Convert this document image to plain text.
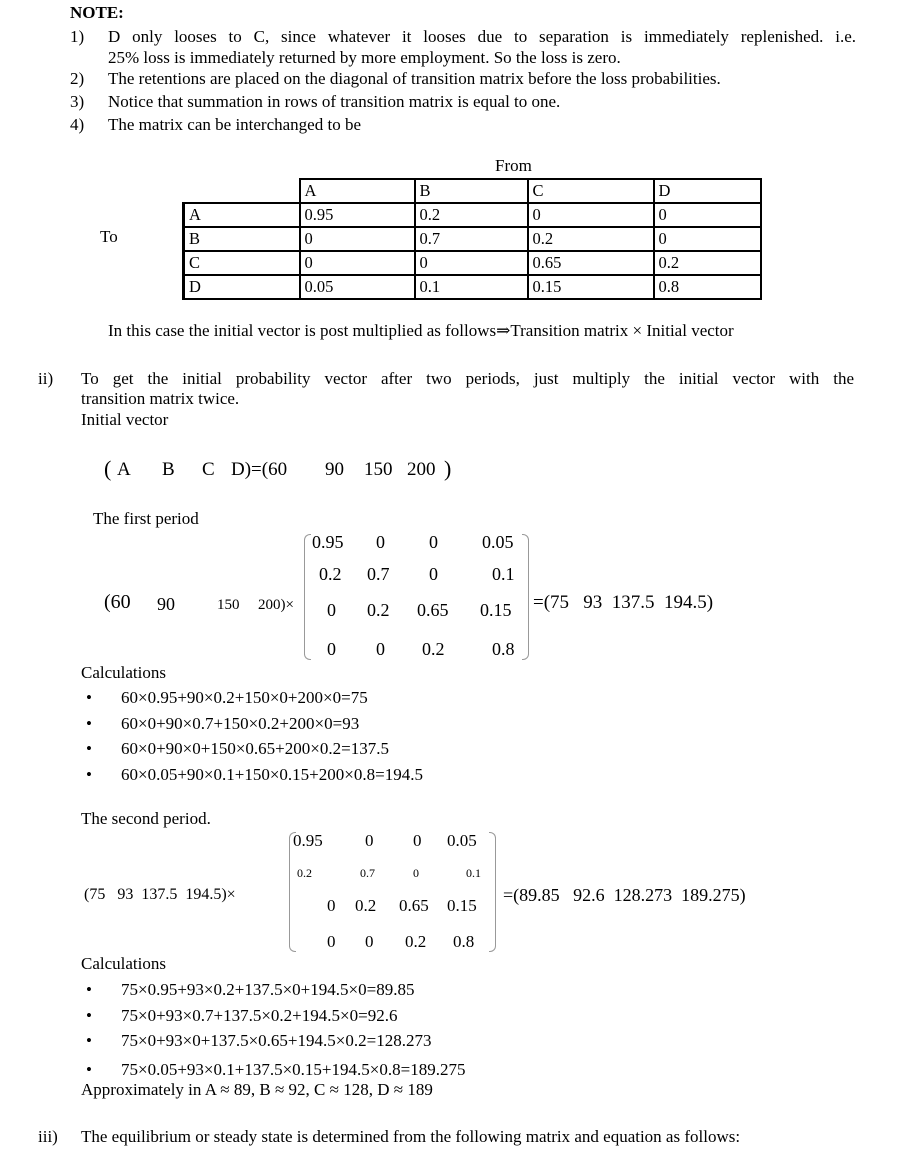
NOTE:
1) D only looses to C, since whatever it looses due to separation is immediately replenished. i.e.
25% loss is immediately returned by more employment. So the loss is zero.
2) The retentions are placed on the diagonal of transition matrix before the loss probabilities.
3) Notice that summation in rows of transition matrix is equal to one.
4) The matrix can be interchanged to be
From
To
	A	B	C	D
A	0.95	0.2	0	0
B	0	0.7	0.2	0
C	0	0	0.65	0.2
D	0.05	0.1	0.15	0.8
In this case the initial vector is post multiplied as follows⇒Transition matrix × Initial vector
ii) To get the initial probability vector after two periods, just multiply the initial vector with the
transition matrix twice.
Initial vector
( A B C D)=(60 90 150 200 )
The first period
(60 90	150 200)×
0.95 0 0 0.05
0.2 0.7 0	0.1
0 0.2 0.65 0.15
0 0 0.2	0.8
=(75   93  137.5  194.5)
Calculations
• 60×0.95+90×0.2+150×0+200×0=75
• 60×0+90×0.7+150×0.2+200×0=93
• 60×0+90×0+150×0.65+200×0.2=137.5
• 60×0.05+90×0.1+150×0.15+200×0.8=194.5
The second period.
(75   93  137.5  194.5)×
0.95 0 0 0.05
0.2	0.7	0	0.1
0 0.2 0.65 0.15
0 0 0.2 0.8
=(89.85   92.6  128.273  189.275)
Calculations
• 75×0.95+93×0.2+137.5×0+194.5×0=89.85
• 75×0+93×0.7+137.5×0.2+194.5×0=92.6
• 75×0+93×0+137.5×0.65+194.5×0.2=128.273
• 75×0.05+93×0.1+137.5×0.15+194.5×0.8=189.275
Approximately in A ≈ 89, B ≈ 92, C ≈ 128, D ≈ 189
iii) The equilibrium or steady state is determined from the following matrix and equation as follows:
